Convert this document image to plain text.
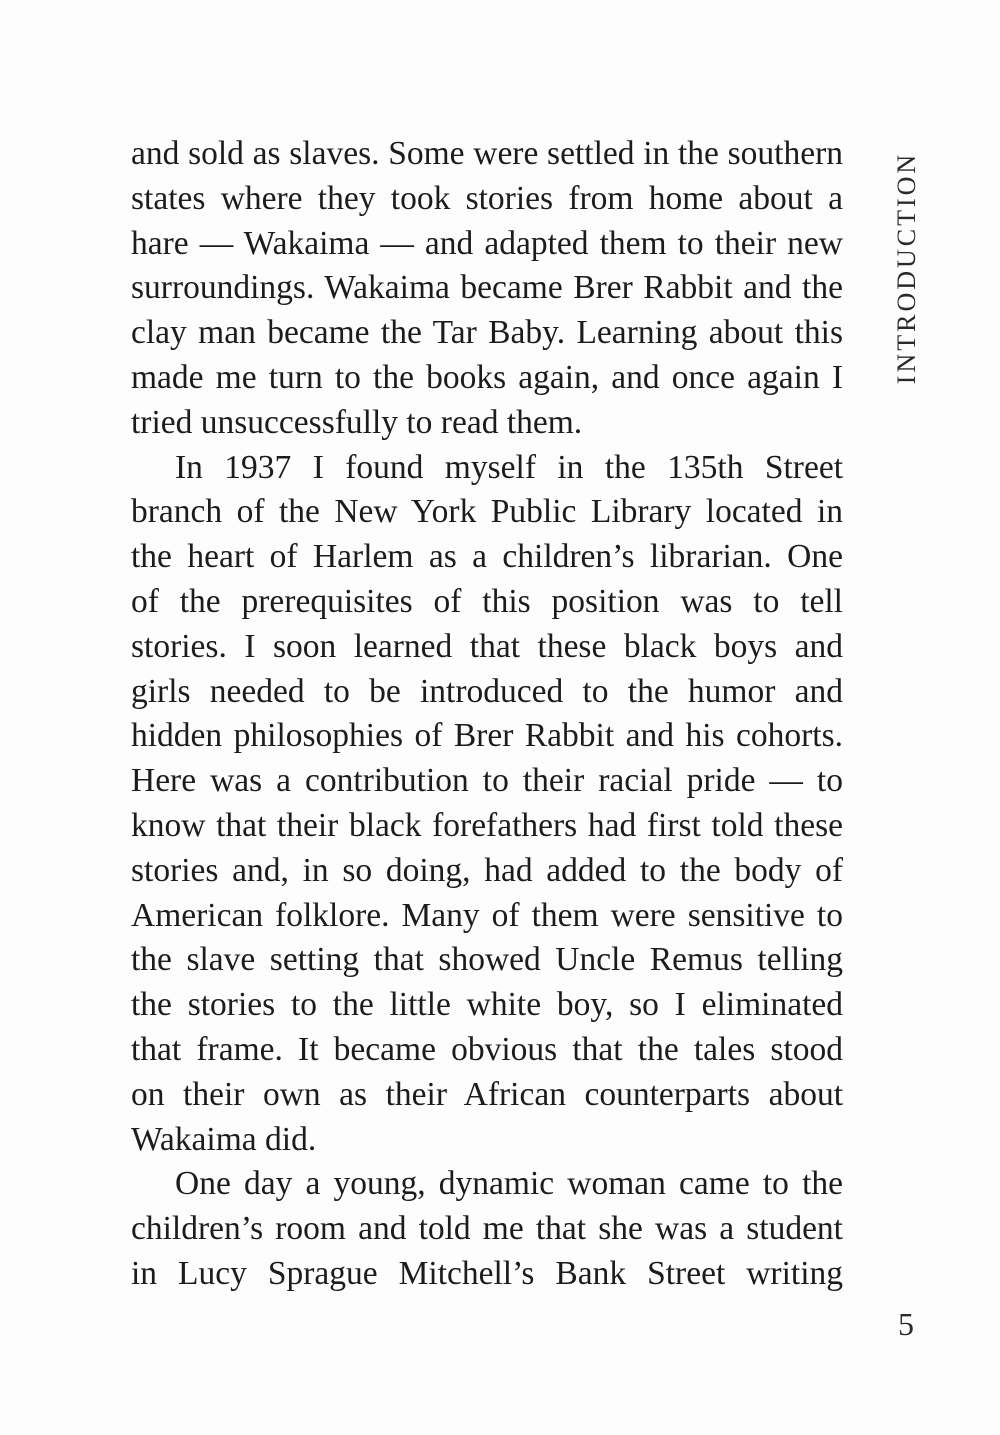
and sold as slaves. Some were settled in the southern
states where they took stories from home about a
hare — Wakaima — and adapted them to their new
surroundings. Wakaima became Brer Rabbit and the
clay man became the Tar Baby. Learning about this
made me turn to the books again, and once again I
tried unsuccessfully to read them.
In 1937 I found myself in the 135th Street
branch of the New York Public Library located in
the heart of Harlem as a children’s librarian. One
of the prerequisites of this position was to tell
stories. I soon learned that these black boys and
girls needed to be introduced to the humor and
hidden philosophies of Brer Rabbit and his cohorts.
Here was a contribution to their racial pride — to
know that their black forefathers had first told these
stories and, in so doing, had added to the body of
American folklore. Many of them were sensitive to
the slave setting that showed Uncle Remus telling
the stories to the little white boy, so I eliminated
that frame. It became obvious that the tales stood
on their own as their African counterparts about
Wakaima did.
One day a young, dynamic woman came to the
children’s room and told me that she was a student
in Lucy Sprague Mitchell’s Bank Street writing
INTRODUCTION
5
